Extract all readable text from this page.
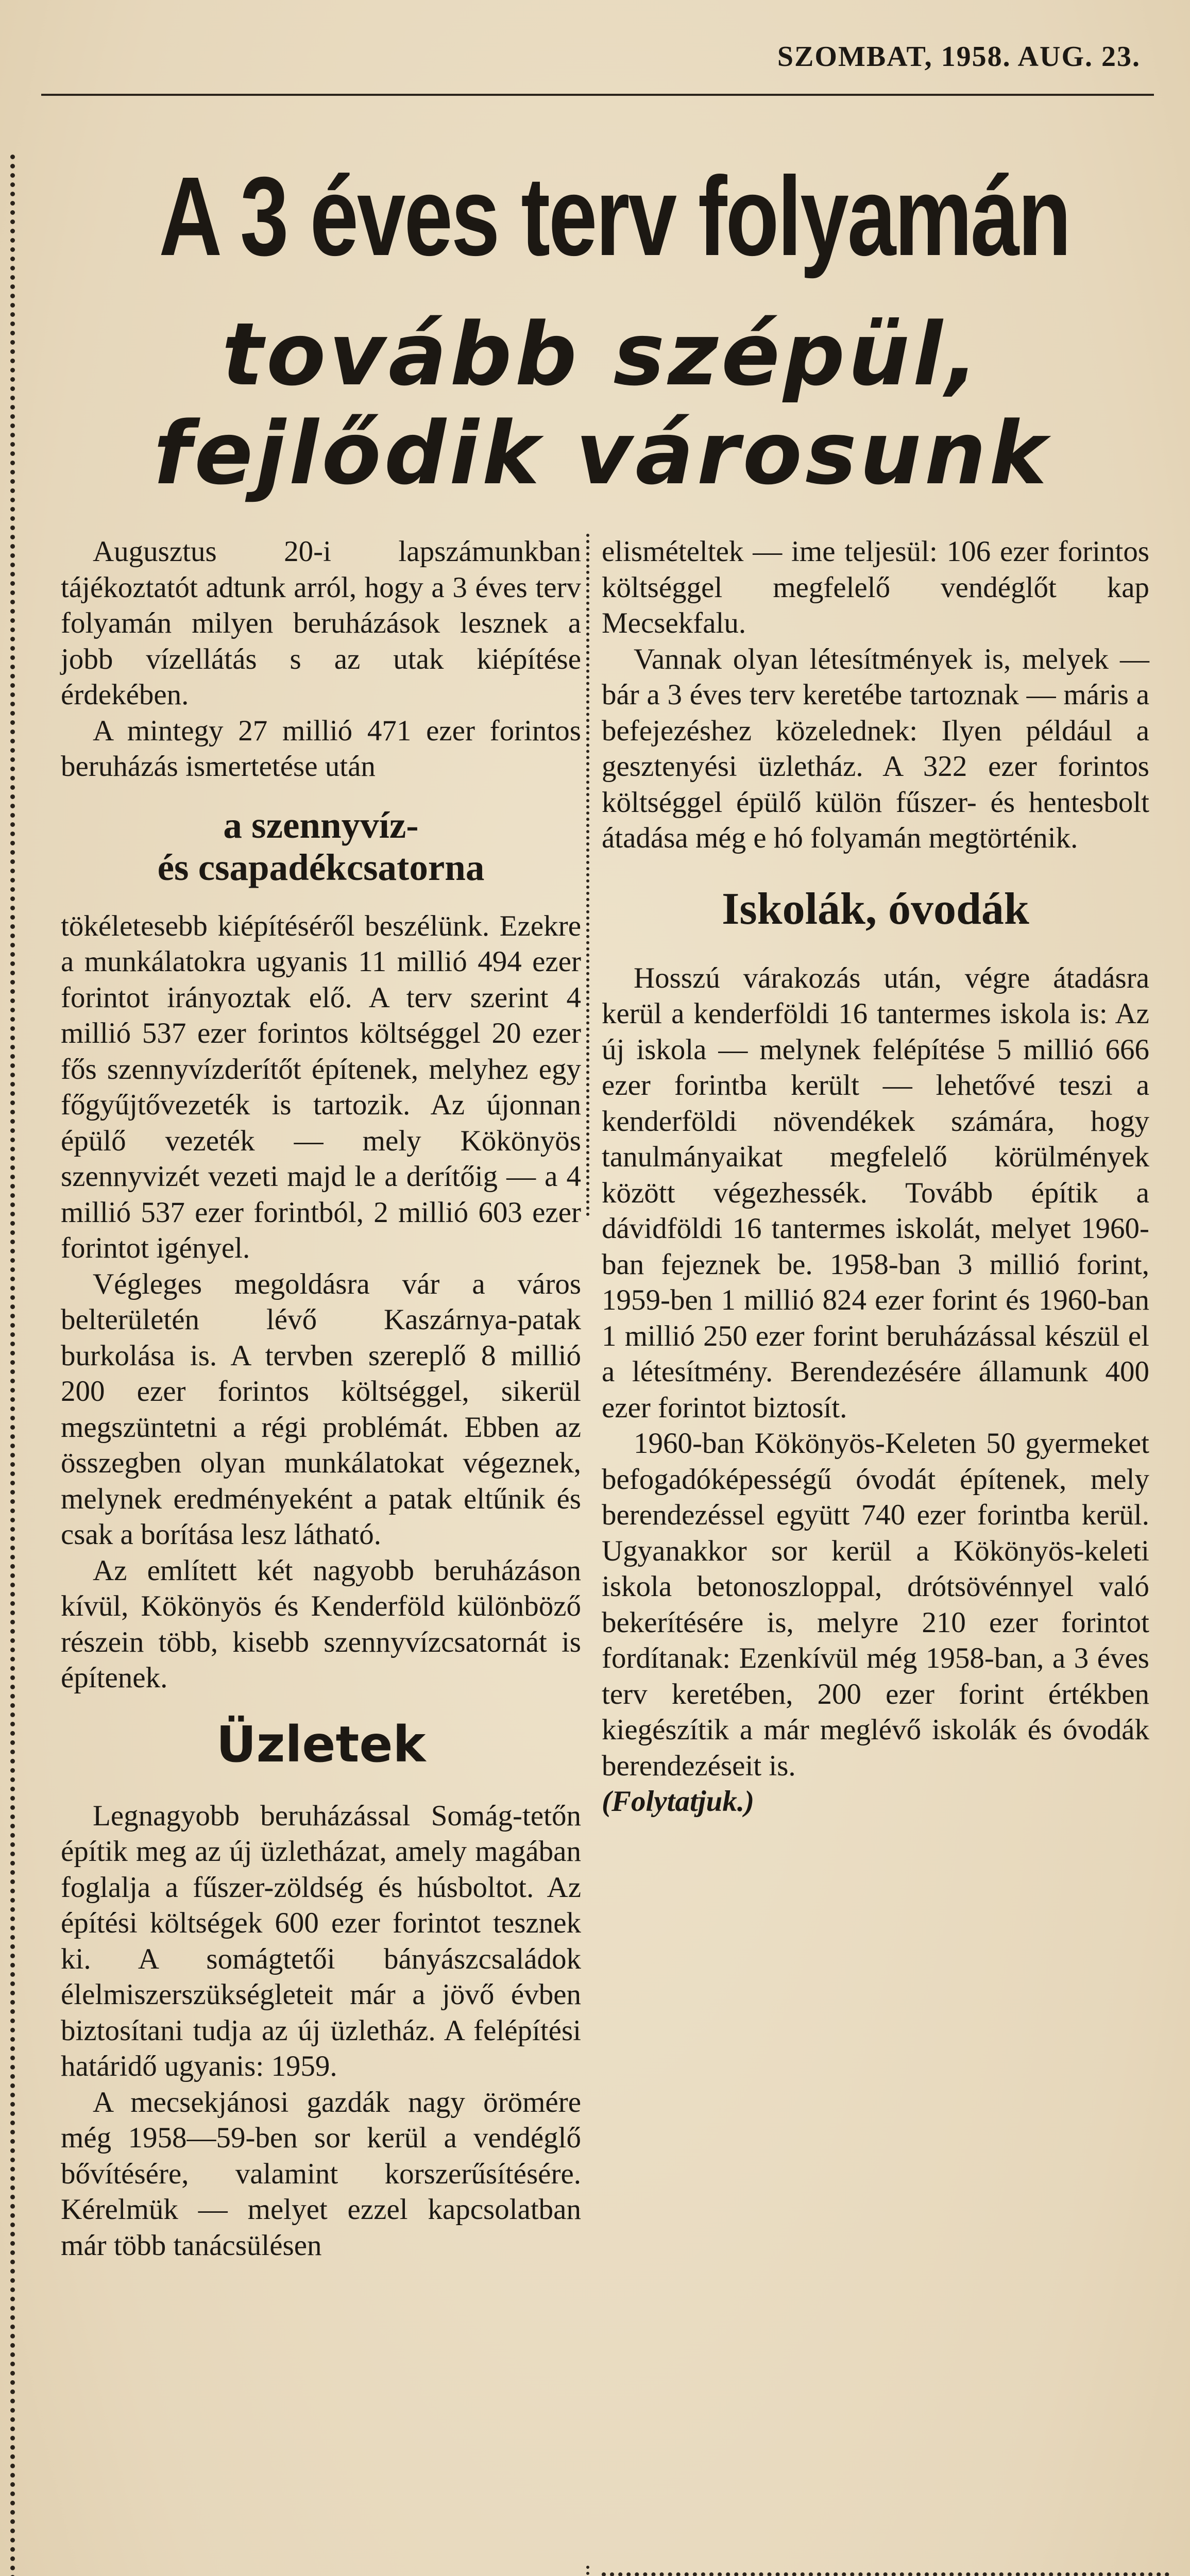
SZOMBAT, 1958. AUG. 23.
A 3 éves terv folyamán
tovább szépül,
fejlődik városunk

Augusztus 20-i lapszámunkban tájékoztatót adtunk arról, hogy a 3 éves terv folyamán milyen beruházások lesznek a jobb vízellátás s az utak kiépítése érdekében.

A mintegy 27 millió 471 ezer forintos beruházás ismertetése után

a szennyvíz-
és csapadékcsatorna

tökéletesebb kiépítéséről beszélünk. Ezekre a munkálatokra ugyanis 11 millió 494 ezer forintot irányoztak elő. A terv szerint 4 millió 537 ezer forintos költséggel 20 ezer fős szennyvízderítőt építenek, melyhez egy főgyűjtővezeték is tartozik. Az újonnan épülő vezeték — mely Kökönyös szennyvizét vezeti majd le a derítőig — a 4 millió 537 ezer forintból, 2 millió 603 ezer forintot igényel.

Végleges megoldásra vár a város belterületén lévő Kaszárnya-patak burkolása is. A tervben szereplő 8 millió 200 ezer forintos költséggel, sikerül megszüntetni a régi problémát. Ebben az összegben olyan munkálatokat végeznek, melynek eredményeként a patak eltűnik és csak a borítása lesz látható.

Az említett két nagyobb beruházáson kívül, Kökönyös és Kenderföld különböző részein több, kisebb szennyvízcsatornát is építenek.

Üzletek

Legnagyobb beruházással Somág-tetőn építik meg az új üzletházat, amely magában foglalja a fűszer-zöldség és húsboltot. Az építési költségek 600 ezer forintot tesznek ki. A somágtetői bányászcsaládok élelmiszerszükségleteit már a jövő évben biztosítani tudja az új üzletház. A felépítési határidő ugyanis: 1959.

A mecsekjánosi gazdák nagy örömére még 1958—59-ben sor kerül a vendéglő bővítésére, valamint korszerűsítésére. Kérelmük — melyet ezzel kapcsolatban már több tanácsülésen

elismételtek — ime teljesül: 106 ezer forintos költséggel megfelelő vendéglőt kap Mecsekfalu.

Vannak olyan létesítmények is, melyek — bár a 3 éves terv keretébe tartoznak — máris a befejezéshez közelednek: Ilyen például a gesztenyési üzletház. A 322 ezer forintos költséggel épülő külön fűszer- és hentesbolt átadása még e hó folyamán megtörténik.

Iskolák, óvodák

Hosszú várakozás után, végre átadásra kerül a kenderföldi 16 tantermes iskola is: Az új iskola — melynek felépítése 5 millió 666 ezer forintba került — lehetővé teszi a kenderföldi növendékek számára, hogy tanulmányaikat megfelelő körülmények között végezhessék. Tovább építik a dávidföldi 16 tantermes iskolát, melyet 1960-ban fejeznek be. 1958-ban 3 millió forint, 1959-ben 1 millió 824 ezer forint és 1960-ban 1 millió 250 ezer forint beruházással készül el a létesítmény. Berendezésére államunk 400 ezer forintot biztosít.

1960-ban Kökönyös-Keleten 50 gyermeket befogadóképességű óvodát építenek, mely berendezéssel együtt 740 ezer forintba kerül. Ugyanakkor sor kerül a Kökönyös-keleti iskola betonoszloppal, drótsövénnyel való bekerítésére is, melyre 210 ezer forintot fordítanak: Ezenkívül még 1958-ban, a 3 éves terv keretében, 200 ezer forint értékben kiegészítik a már meglévő iskolák és óvodák berendezéseit is.

(Folytatjuk.)
